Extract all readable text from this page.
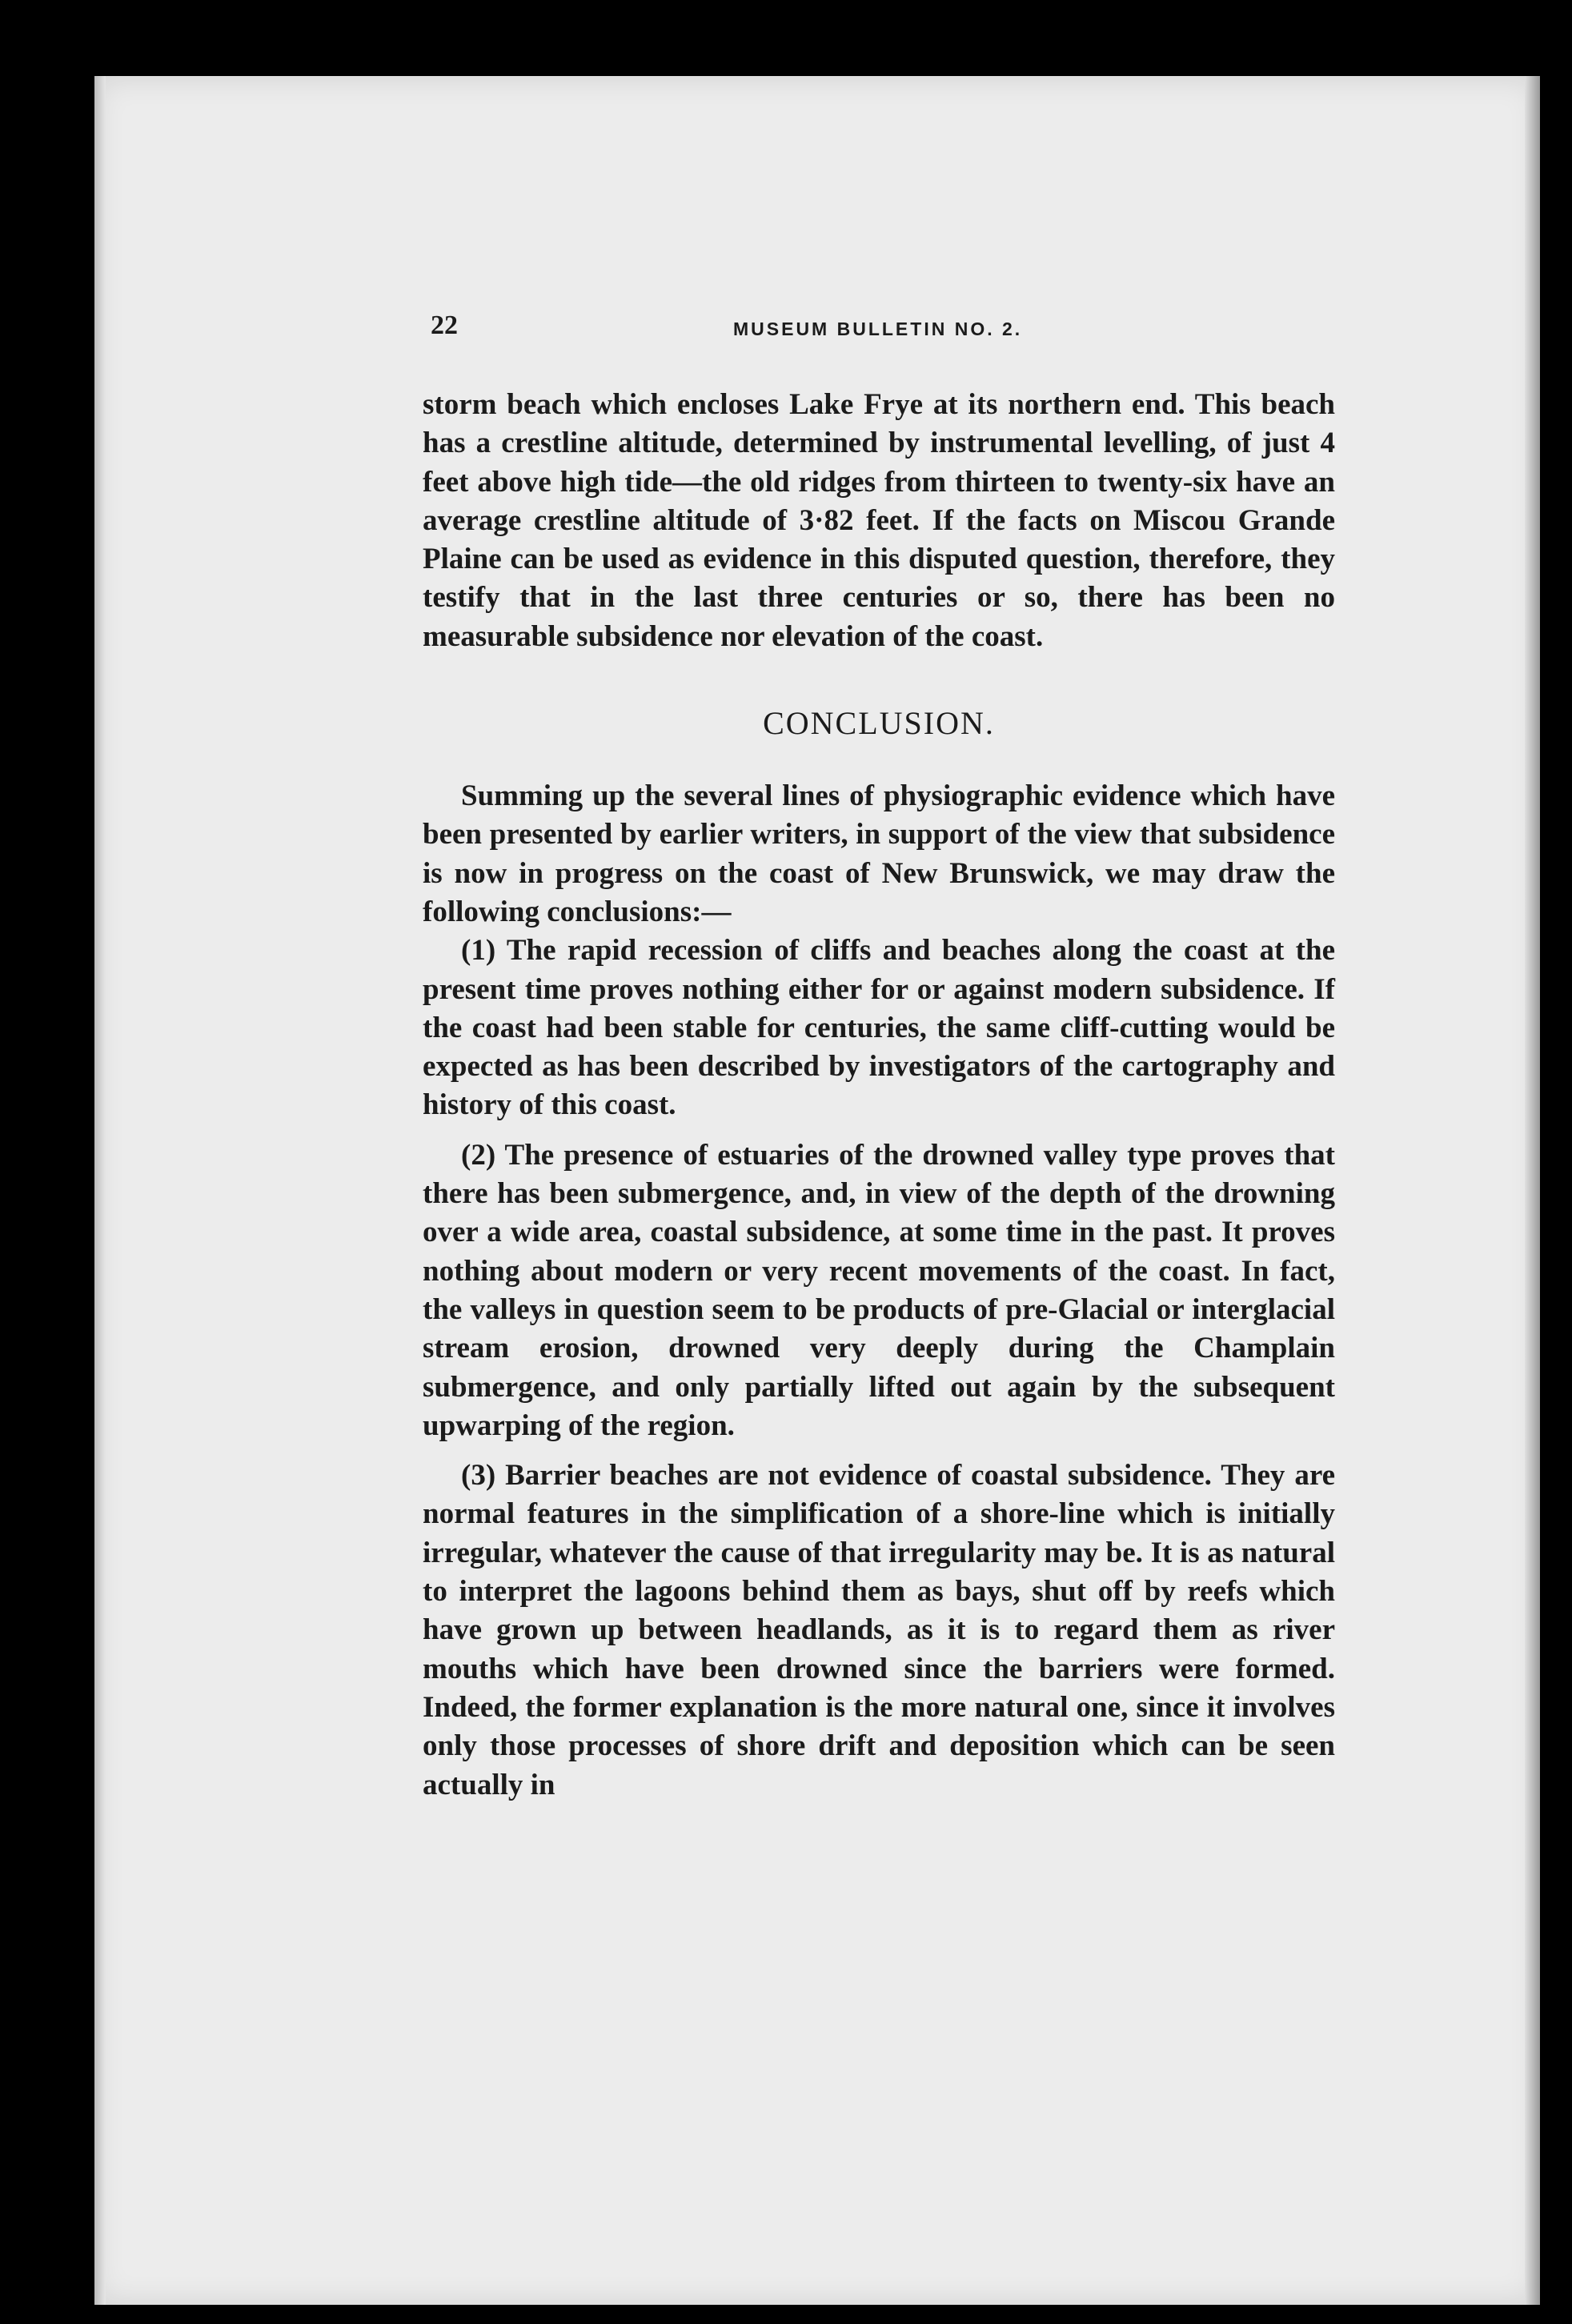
22	MUSEUM BULLETIN NO. 2.

storm beach which encloses Lake Frye at its northern end. This beach has a crestline altitude, determined by instrumental levelling, of just 4 feet above high tide—the old ridges from thirteen to twenty-six have an average crestline altitude of 3·82 feet. If the facts on Miscou Grande Plaine can be used as evidence in this disputed question, therefore, they testify that in the last three centuries or so, there has been no measurable subsidence nor elevation of the coast.

CONCLUSION.

Summing up the several lines of physiographic evidence which have been presented by earlier writers, in support of the view that subsidence is now in progress on the coast of New Brunswick, we may draw the following conclusions:—

(1) The rapid recession of cliffs and beaches along the coast at the present time proves nothing either for or against modern subsidence. If the coast had been stable for centuries, the same cliff-cutting would be expected as has been described by investigators of the cartography and history of this coast.

(2) The presence of estuaries of the drowned valley type proves that there has been submergence, and, in view of the depth of the drowning over a wide area, coastal subsidence, at some time in the past. It proves nothing about modern or very recent movements of the coast. In fact, the valleys in question seem to be products of pre-Glacial or interglacial stream erosion, drowned very deeply during the Champlain submergence, and only partially lifted out again by the subsequent upwarping of the region.

(3) Barrier beaches are not evidence of coastal subsidence. They are normal features in the simplification of a shore-line which is initially irregular, whatever the cause of that irregularity may be. It is as natural to interpret the lagoons behind them as bays, shut off by reefs which have grown up between headlands, as it is to regard them as river mouths which have been drowned since the barriers were formed. Indeed, the former explanation is the more natural one, since it involves only those processes of shore drift and deposition which can be seen actually in
